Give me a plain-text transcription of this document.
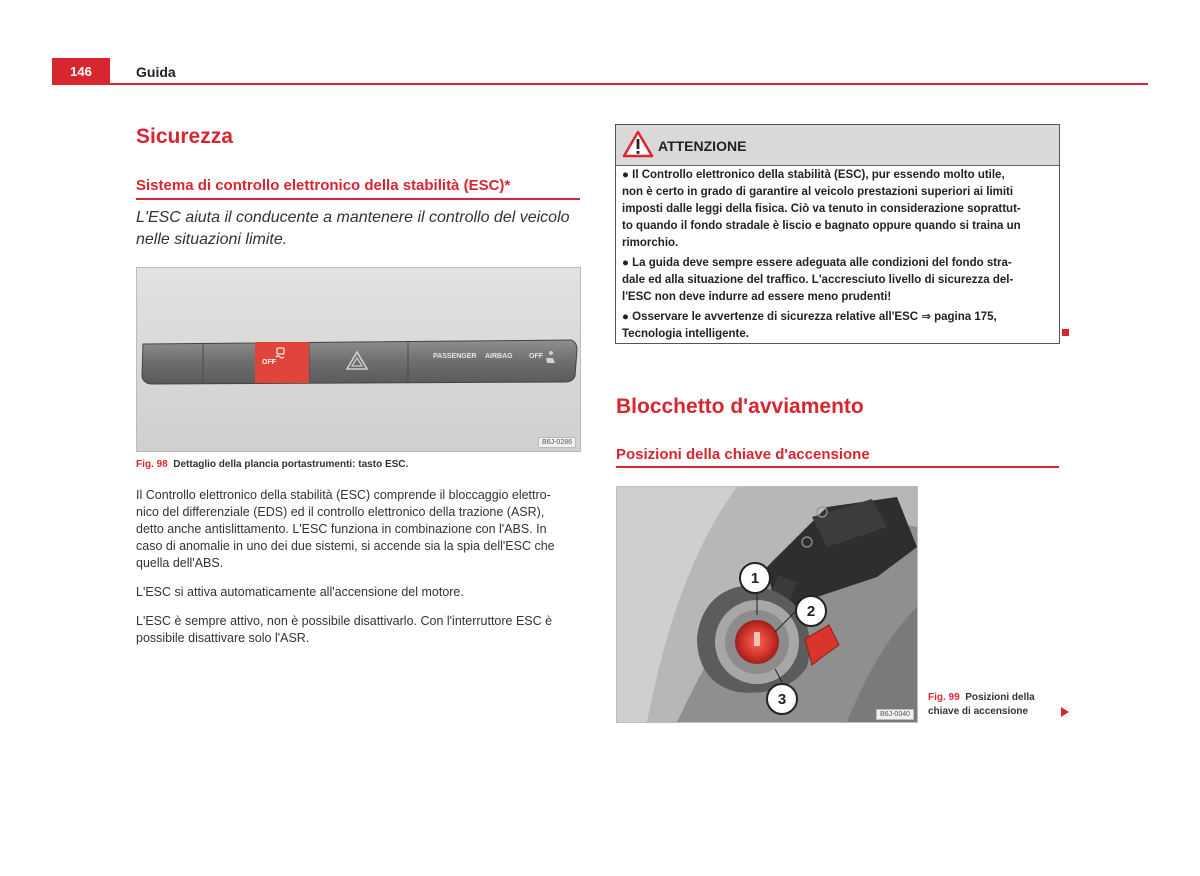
146	Guida
Sicurezza
Sistema di controllo elettronico della stabilità (ESC)*
L'ESC aiuta il conducente a mantenere il controllo del veicolo
nelle situazioni limite.
OFF
PASSENGER AIRBAG OFF
B6J-0286
Fig. 98 Dettaglio della plancia portastrumenti: tasto ESC.
Il Controllo elettronico della stabilità (ESC) comprende il bloccaggio elettro-
nico del differenziale (EDS) ed il controllo elettronico della trazione (ASR),
detto anche antislittamento. L'ESC funziona in combinazione con l'ABS. In
caso di anomalie in uno dei due sistemi, si accende sia la spia dell'ESC che
quella dell'ABS.
L'ESC si attiva automaticamente all'accensione del motore.
L'ESC è sempre attivo, non è possibile disattivarlo. Con l'interruttore ESC è
possibile disattivare solo l'ASR.
ATTENZIONE
● Il Controllo elettronico della stabilità (ESC), pur essendo molto utile,
non è certo in grado di garantire al veicolo prestazioni superiori ai limiti
imposti dalle leggi della fisica. Ciò va tenuto in considerazione soprattut-
to quando il fondo stradale è liscio e bagnato oppure quando si traina un
rimorchio.
● La guida deve sempre essere adeguata alle condizioni del fondo stra-
dale ed alla situazione del traffico. L'accresciuto livello di sicurezza del-
l'ESC non deve indurre ad essere meno prudenti!
● Osservare le avvertenze di sicurezza relative all'ESC ⇒ pagina 175,
Tecnologia intelligente.
Blocchetto d'avviamento
Posizioni della chiave d'accensione
1
2
3
B6J-0040
Fig. 99 Posizioni della
chiave di accensione
